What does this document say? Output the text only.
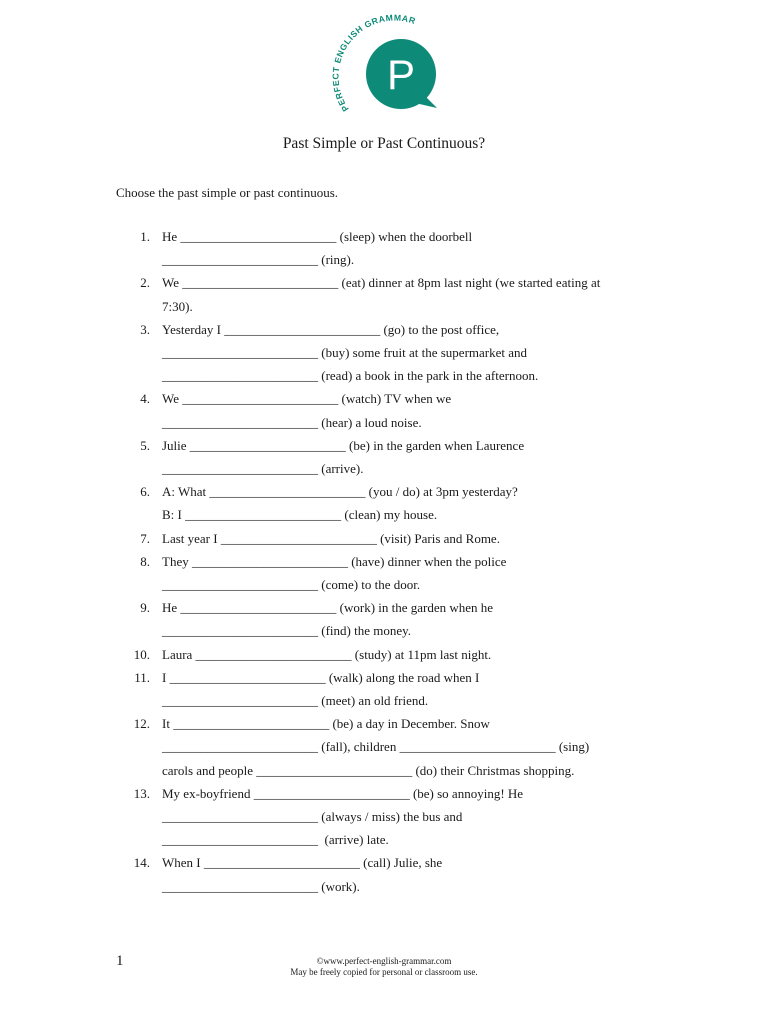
PERFECT ENGLISH GRAMMAR
P
Past Simple or Past Continuous?
Choose the past simple or past continuous.
1. He ________________________ (sleep) when the doorbell
________________________ (ring).
2. We ________________________ (eat) dinner at 8pm last night (we started eating at
7:30).
3. Yesterday I ________________________ (go) to the post office,
________________________ (buy) some fruit at the supermarket and
________________________ (read) a book in the park in the afternoon.
4. We ________________________ (watch) TV when we
________________________ (hear) a loud noise.
5. Julie ________________________ (be) in the garden when Laurence
________________________ (arrive).
6. A: What ________________________ (you / do) at 3pm yesterday?
B: I ________________________ (clean) my house.
7. Last year I ________________________ (visit) Paris and Rome.
8. They ________________________ (have) dinner when the police
________________________ (come) to the door.
9. He ________________________ (work) in the garden when he
________________________ (find) the money.
10. Laura ________________________ (study) at 11pm last night.
11. I ________________________ (walk) along the road when I
________________________ (meet) an old friend.
12. It ________________________ (be) a day in December. Snow
________________________ (fall), children ________________________ (sing)
carols and people ________________________ (do) their Christmas shopping.
13. My ex-boyfriend ________________________ (be) so annoying! He
________________________ (always / miss) the bus and
________________________  (arrive) late.
14. When I ________________________ (call) Julie, she
________________________ (work).
1	©www.perfect-english-grammar.com
May be freely copied for personal or classroom use.
